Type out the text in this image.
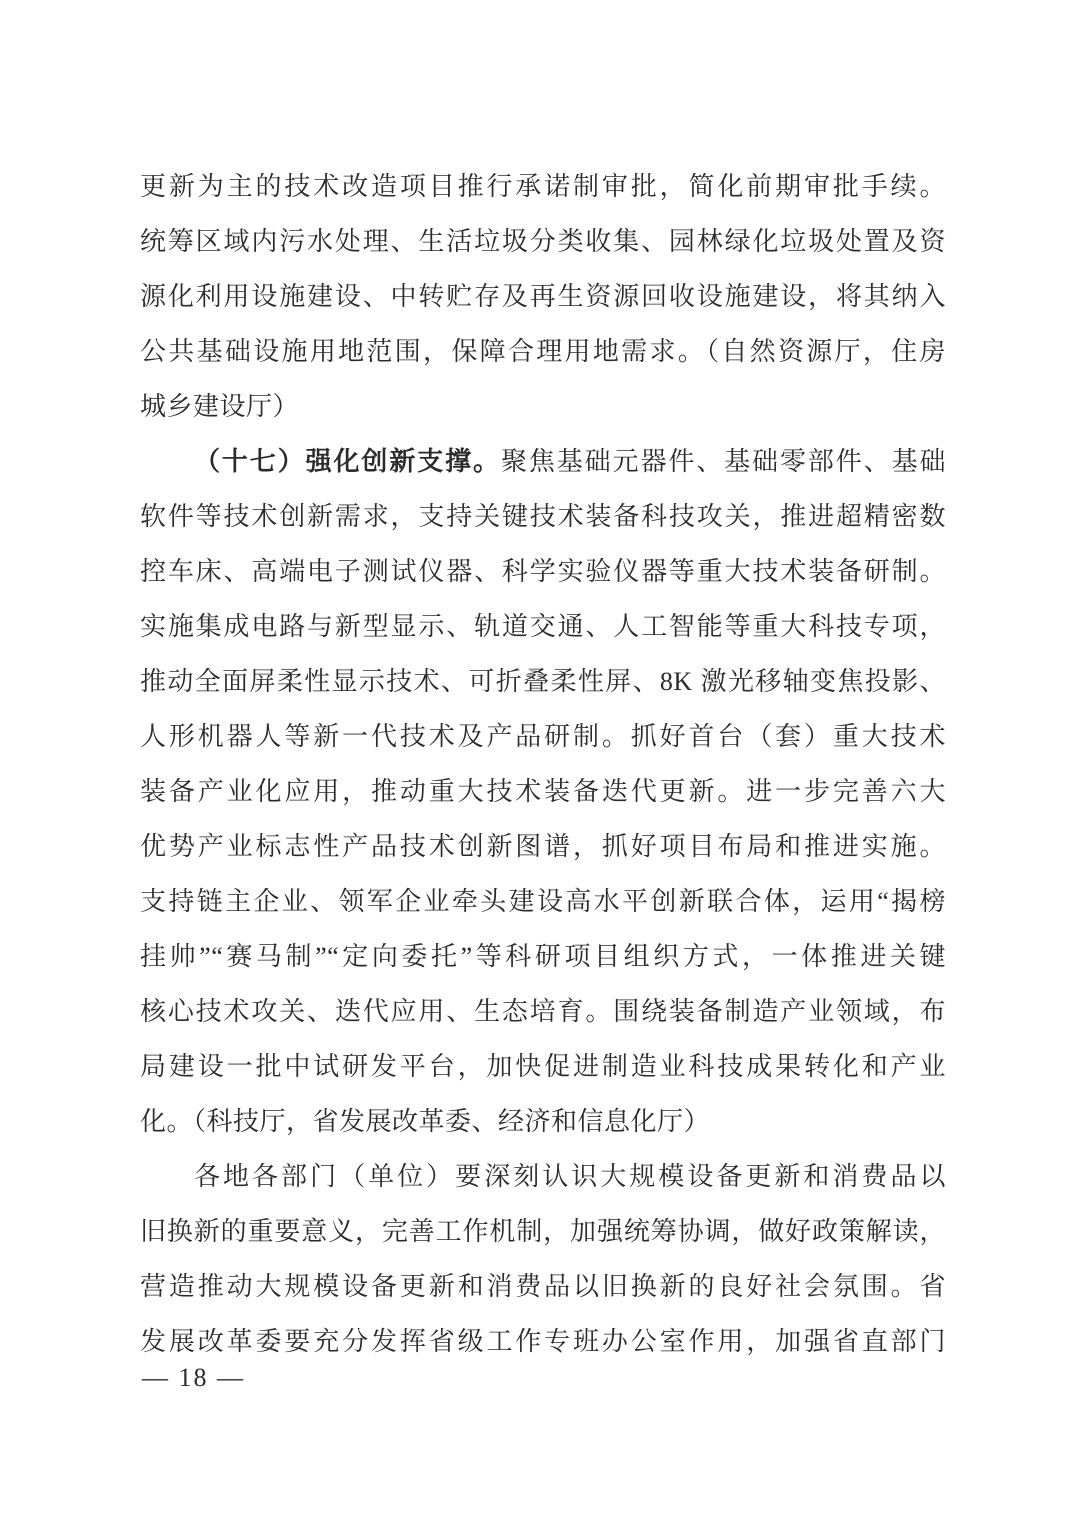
更新为主的技术改造项目推行承诺制审批，简化前期审批手续。
统筹区域内污水处理、生活垃圾分类收集、园林绿化垃圾处置及资
源化利用设施建设、中转贮存及再生资源回收设施建设，将其纳入
公共基础设施用地范围，保障合理用地需求。（自然资源厅，住房
城乡建设厅）
（十七）强化创新支撑。聚焦基础元器件、基础零部件、基础
软件等技术创新需求，支持关键技术装备科技攻关，推进超精密数
控车床、高端电子测试仪器、科学实验仪器等重大技术装备研制。
实施集成电路与新型显示、轨道交通、人工智能等重大科技专项，
推动全面屏柔性显示技术、可折叠柔性屏、8K 激光移轴变焦投影、
人形机器人等新一代技术及产品研制。抓好首台（套）重大技术
装备产业化应用，推动重大技术装备迭代更新。进一步完善六大
优势产业标志性产品技术创新图谱，抓好项目布局和推进实施。
支持链主企业、领军企业牵头建设高水平创新联合体，运用“揭榜
挂帅”“赛马制”“定向委托”等科研项目组织方式，一体推进关键
核心技术攻关、迭代应用、生态培育。围绕装备制造产业领域，布
局建设一批中试研发平台，加快促进制造业科技成果转化和产业
化。（科技厅，省发展改革委、经济和信息化厅）
各地各部门（单位）要深刻认识大规模设备更新和消费品以
旧换新的重要意义，完善工作机制，加强统筹协调，做好政策解读，
营造推动大规模设备更新和消费品以旧换新的良好社会氛围。省
发展改革委要充分发挥省级工作专班办公室作用，加强省直部门
— 18 —
